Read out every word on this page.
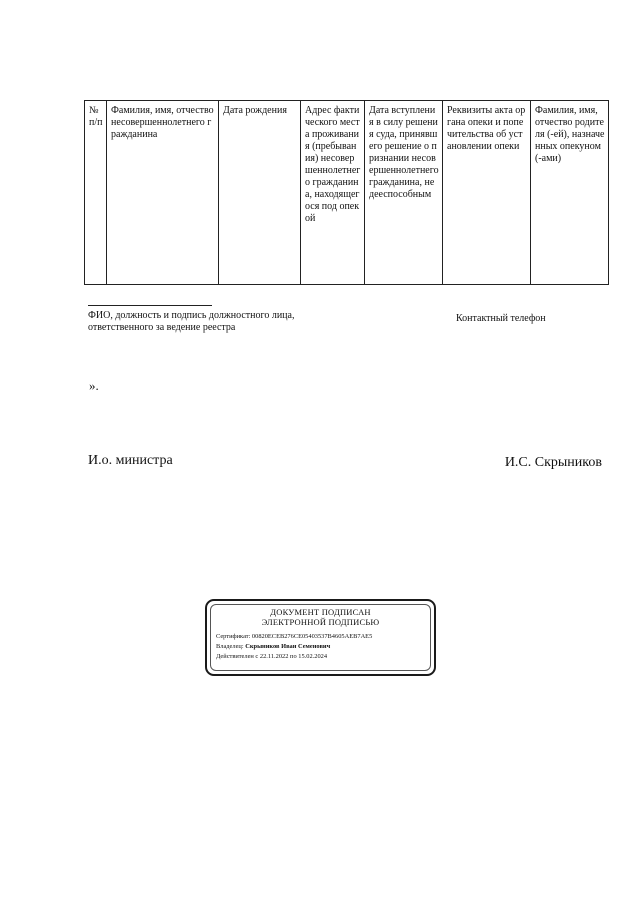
№ п/п	Фамилия, имя, отчество несовершеннолетнего гражданина	Дата рождения	Адрес фактического места проживания (пребывания) несовершеннолетнего гражданина, находящегося под опекой	Дата вступления в силу решения суда, принявшего решение о признании несовершеннолетнего гражданина, недееспособным	Реквизиты акта органа опеки и попечительства об установлении опеки	Фамилия, имя, отчество родителя (-ей), назначенных опекуном (-ами)
ФИО, должность и подпись должностного лица, ответственного за ведение реестра
Контактный телефон
».
И.о. министра	И.С. Скрыников
ДОКУМЕНТ ПОДПИСАН
ЭЛЕКТРОННОЙ ПОДПИСЬЮ
Сертификат: 00820ECEB276CE05403537B4605AEB7AE5
Владелец: Скрыников Иван Семенович
Действителен с 22.11.2022 по 15.02.2024
